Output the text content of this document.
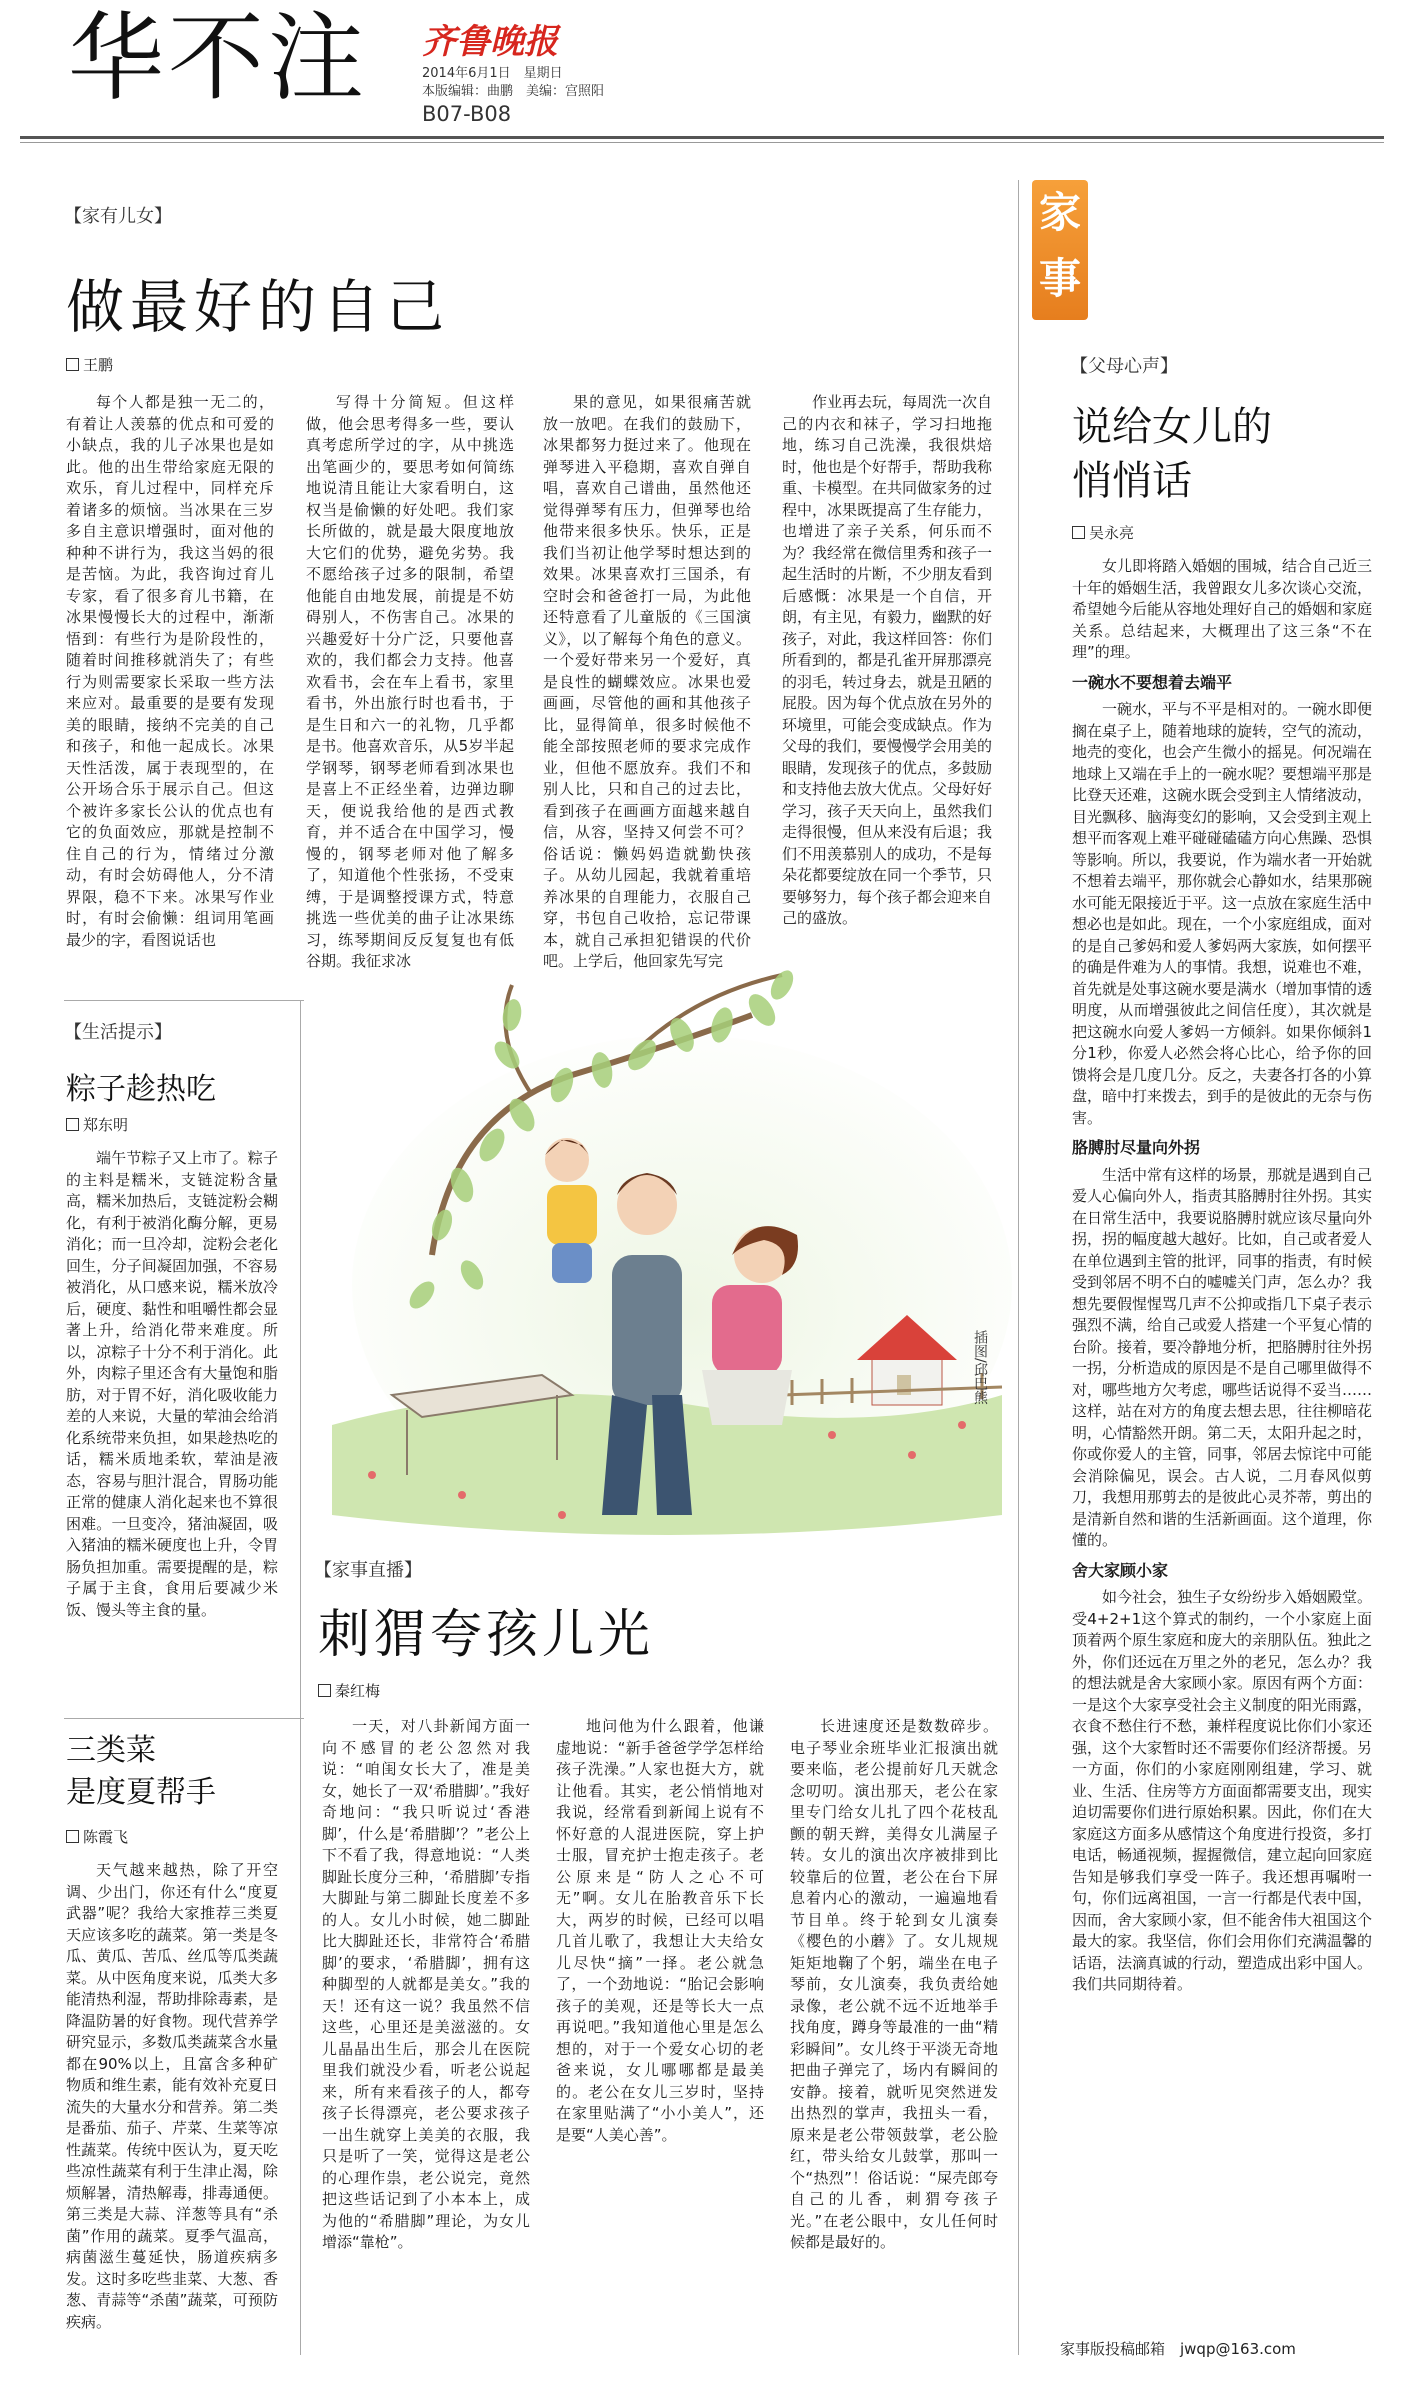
华不注 齐鲁晚报
2014年6月1日　星期日
本版编辑：曲鹏　美编：宫照阳
B07-B08
【家有儿女】
做最好的自己
王鹏

每个人都是独一无二的，有着让人羡慕的优点和可爱的小缺点，我的儿子冰果也是如此。他的出生带给家庭无限的欢乐，育儿过程中，同样充斥着诸多的烦恼。当冰果在三岁多自主意识增强时，面对他的种种不讲行为，我这当妈的很是苦恼。为此，我咨询过育儿专家，看了很多育儿书籍，在冰果慢慢长大的过程中，渐渐悟到：有些行为是阶段性的，随着时间推移就消失了；有些行为则需要家长采取一些方法来应对。最重要的是要有发现美的眼睛，接纳不完美的自己和孩子，和他一起成长。冰果天性活泼，属于表现型的，在公开场合乐于展示自己。但这个被许多家长公认的优点也有它的负面效应，那就是控制不住自己的行为，情绪过分激动，有时会妨碍他人，分不清界限，稳不下来。冰果写作业时，有时会偷懒：组词用笔画最少的字，看图说话也

写得十分简短。但这样做，他会思考得多一些，要认真考虑所学过的字，从中挑选出笔画少的，要思考如何简练地说清且能让大家看明白，这权当是偷懒的好处吧。我们家长所做的，就是最大限度地放大它们的优势，避免劣势。我不愿给孩子过多的限制，希望他能自由地发展，前提是不妨碍别人，不伤害自己。冰果的兴趣爱好十分广泛，只要他喜欢的，我们都会力支持。他喜欢看书，会在车上看书，家里看书，外出旅行时也看书，于是生日和六一的礼物，几乎都是书。他喜欢音乐，从5岁半起学钢琴，钢琴老师看到冰果也是喜上不正经坐着，边弹边聊天，便说我给他的是西式教育，并不适合在中国学习，慢慢的，钢琴老师对他了解多了，知道他个性张扬，不受束缚，于是调整授课方式，特意挑选一些优美的曲子让冰果练习，练琴期间反反复复也有低谷期。我征求冰

果的意见，如果很痛苦就放一放吧。在我们的鼓励下，冰果都努力挺过来了。他现在弹琴进入平稳期，喜欢自弹自唱，喜欢自己谱曲，虽然他还觉得弹琴有压力，但弹琴也给他带来很多快乐。快乐，正是我们当初让他学琴时想达到的效果。冰果喜欢打三国杀，有空时会和爸爸打一局，为此他还特意看了儿童版的《三国演义》，以了解每个角色的意义。一个爱好带来另一个爱好，真是良性的蝴蝶效应。冰果也爱画画，尽管他的画和其他孩子比，显得简单，很多时候他不能全部按照老师的要求完成作业，但他不愿放弃。我们不和别人比，只和自己的过去比，看到孩子在画画方面越来越自信，从容，坚持又何尝不可？俗话说：懒妈妈造就勤快孩子。从幼儿园起，我就着重培养冰果的自理能力，衣服自己穿，书包自己收拾，忘记带课本，就自己承担犯错误的代价吧。上学后，他回家先写完

作业再去玩，每周洗一次自己的内衣和袜子，学习扫地拖地，练习自己洗澡，我很烘焙时，他也是个好帮手，帮助我称重、卡模型。在共同做家务的过程中，冰果既提高了生存能力，也增进了亲子关系，何乐而不为？我经常在微信里秀和孩子一起生活时的片断，不少朋友看到后感慨：冰果是一个自信，开朗，有主见，有毅力，幽默的好孩子，对此，我这样回答：你们所看到的，都是孔雀开屏那漂亮的羽毛，转过身去，就是丑陋的屁股。因为每个优点放在另外的环境里，可能会变成缺点。作为父母的我们，要慢慢学会用美的眼睛，发现孩子的优点，多鼓励和支持他去放大优点。父母好好学习，孩子天天向上，虽然我们走得很慢，但从来没有后退；我们不用羡慕别人的成功，不是每朵花都要绽放在同一个季节，只要够努力，每个孩子都会迎来自己的盛放。

家
事
【父母心声】
说给女儿的
悄悄话
吴永亮

女儿即将踏入婚姻的围城，结合自己近三十年的婚姻生活，我曾跟女儿多次谈心交流，希望她今后能从容地处理好自己的婚姻和家庭关系。总结起来，大概理出了这三条“不在理”的理。

一碗水不要想着去端平

一碗水，平与不平是相对的。一碗水即便搁在桌子上，随着地球的旋转，空气的流动，地壳的变化，也会产生微小的摇晃。何况端在地球上又端在手上的一碗水呢？要想端平那是比登天还难，这碗水既会受到主人情绪波动，目光飘移、脑海变幻的影响，又会受到主观上想平而客观上难平碰碰磕磕方向心焦躁、恐惧等影响。所以，我要说，作为端水者一开始就不想着去端平，那你就会心静如水，结果那碗水可能无限接近于平。这一点放在家庭生活中想必也是如此。现在，一个小家庭组成，面对的是自己爹妈和爱人爹妈两大家族，如何摆平的确是件难为人的事情。我想，说难也不难，首先就是处事这碗水要是满水（增加事情的透明度，从而增强彼此之间信任度），其次就是把这碗水向爱人爹妈一方倾斜。如果你倾斜1分1秒，你爱人必然会将心比心，给予你的回馈将会是几度几分。反之，夫妻各打各的小算盘，暗中打来拨去，到手的是彼此的无奈与伤害。

胳膊肘尽量向外拐

生活中常有这样的场景，那就是遇到自己爱人心偏向外人，指责其胳膊肘往外拐。其实在日常生活中，我要说胳膊肘就应该尽量向外拐，拐的幅度越大越好。比如，自己或者爱人在单位遇到主管的批评，同事的指责，有时候受到邻居不明不白的嘘嘘关门声，怎么办？我想先要假惺惺骂几声不公抑或指几下桌子表示强烈不满，给自己或爱人搭建一个平复心情的台阶。接着，要冷静地分析，把胳膊肘往外拐一拐，分析造成的原因是不是自己哪里做得不对，哪些地方欠考虑，哪些话说得不妥当……这样，站在对方的角度去想去思，往往柳暗花明，心情豁然开朗。第二天，太阳升起之时，你或你爱人的主管，同事，邻居去惊诧中可能会消除偏见，误会。古人说，二月春风似剪刀，我想用那剪去的是彼此心灵芥蒂，剪出的是清新自然和谐的生活新画面。这个道理，你懂的。

舍大家顾小家

如今社会，独生子女纷纷步入婚姻殿堂。受4+2+1这个算式的制约，一个小家庭上面顶着两个原生家庭和庞大的亲朋队伍。独此之外，你们还远在万里之外的老兄，怎么办？我的想法就是舍大家顾小家。原因有两个方面：一是这个大家享受社会主义制度的阳光雨露，衣食不愁住行不愁，兼样程度说比你们小家还强，这个大家暂时还不需要你们经济帮援。另一方面，你们的小家庭刚刚组建，学习、就业、生活、住房等方方面面都需要支出，现实迫切需要你们进行原始积累。因此，你们在大家庭这方面多从感情这个角度进行投资，多打电话，畅通视频，握握微信，建立起向回家庭告知是够我们享受一阵子。我还想再嘱咐一句，你们远离祖国，一言一行都是代表中国，因而，舍大家顾小家，但不能舍伟大祖国这个最大的家。我坚信，你们会用你们充满温馨的话语，法滴真诚的行动，塑造成出彩中国人。我们共同期待着。

家事版投稿邮箱　jwqp@163.com
【生活提示】
粽子趁热吃
郑东明

端午节粽子又上市了。粽子的主料是糯米，支链淀粉含量高，糯米加热后，支链淀粉会糊化，有利于被消化酶分解，更易消化；而一旦冷却，淀粉会老化回生，分子间凝固加强，不容易被消化，从口感来说，糯米放冷后，硬度、黏性和咀嚼性都会显著上升，给消化带来难度。所以，凉粽子十分不利于消化。此外，肉粽子里还含有大量饱和脂肪，对于胃不好，消化吸收能力差的人来说，大量的荤油会给消化系统带来负担，如果趁热吃的话，糯米质地柔软，荤油是液态，容易与胆汁混合，胃肠功能正常的健康人消化起来也不算很困难。一旦变冷，猪油凝固，吸入猪油的糯米硬度也上升，令胃肠负担加重。需要提醒的是，粽子属于主食，食用后要减少米饭、馒头等主食的量。

三类菜
是度夏帮手
陈霞飞

天气越来越热，除了开空调、少出门，你还有什么“度夏武器”呢？我给大家推荐三类夏天应该多吃的蔬菜。第一类是冬瓜、黄瓜、苦瓜、丝瓜等瓜类蔬菜。从中医角度来说，瓜类大多能清热利湿，帮助排除毒素，是降温防暑的好食物。现代营养学研究显示，多数瓜类蔬菜含水量都在90%以上，且富含多种矿物质和维生素，能有效补充夏日流失的大量水分和营养。第二类是番茄、茄子、芹菜、生菜等凉性蔬菜。传统中医认为，夏天吃些凉性蔬菜有利于生津止渴，除烦解暑，清热解毒，排毒通便。第三类是大蒜、洋葱等具有“杀菌”作用的蔬菜。夏季气温高，病菌滋生蔓延快，肠道疾病多发。这时多吃些韭菜、大葱、香葱、青蒜等“杀菌”蔬菜，可预防疾病。

插图/邱巴熊
【家事直播】
刺猬夸孩儿光
秦红梅

一天，对八卦新闻方面一向不感冒的老公忽然对我说：“咱闺女长大了，准是美女，她长了一双‘希腊脚’。”我好奇地问：“我只听说过‘香港脚’，什么是‘希腊脚’？”老公上下不看了我，得意地说：“人类脚趾长度分三种，‘希腊脚’专指大脚趾与第二脚趾长度差不多的人。女儿小时候，她二脚趾比大脚趾还长，非常符合‘希腊脚’的要求，‘希腊脚’，拥有这种脚型的人就都是美女。”我的天！还有这一说？我虽然不信这些，心里还是美滋滋的。女儿晶晶出生后，那会儿在医院里我们就没少看，听老公说起来，所有来看孩子的人，都夸孩子长得漂亮，老公要求孩子一出生就穿上美美的衣服，我只是听了一笑，觉得这是老公的心理作祟，老公说完，竟然把这些话记到了小本本上，成为他的“希腊脚”理论，为女儿增添“靠枪”。

地问他为什么跟着，他谦虚地说：“新手爸爸学学怎样给孩子洗澡。”人家也挺大方，就让他看。其实，老公悄悄地对我说，经常看到新闻上说有不怀好意的人混进医院，穿上护士服，冒充护士抱走孩子。老公原来是“防人之心不可无”啊。女儿在胎教音乐下长大，两岁的时候，已经可以唱几首儿歌了，我想让大夫给女儿尽快“摘”一择。老公就急了，一个劲地说：“胎记会影响孩子的美观，还是等长大一点再说吧。”我知道他心里是怎么想的，对于一个爱女心切的老爸来说，女儿哪哪都是最美的。老公在女儿三岁时，坚持在家里贴满了“小小美人”，还是要“人美心善”。

长进速度还是数数碎步。电子琴业余班毕业汇报演出就要来临，老公提前好几天就念念叨叨。演出那天，老公在家里专门给女儿扎了四个花枝乱颤的朝天辫，美得女儿满屋子转。女儿的演出次序被排到比较靠后的位置，老公在台下屏息着内心的激动，一遍遍地看节目单。终于轮到女儿演奏《樱色的小蘑》了。女儿规规矩矩地鞠了个躬，端坐在电子琴前，女儿演奏，我负责给她录像，老公就不远不近地举手找角度，蹲身等最准的一曲“精彩瞬间”。女儿终于平淡无奇地把曲子弹完了，场内有瞬间的安静。接着，就听见突然迸发出热烈的掌声，我扭头一看，原来是老公带领鼓掌，老公脸红，带头给女儿鼓掌，那叫一个“热烈”！俗话说：“屎壳郎夸自己的儿香，刺猬夸孩子光。”在老公眼中，女儿任何时候都是最好的。
